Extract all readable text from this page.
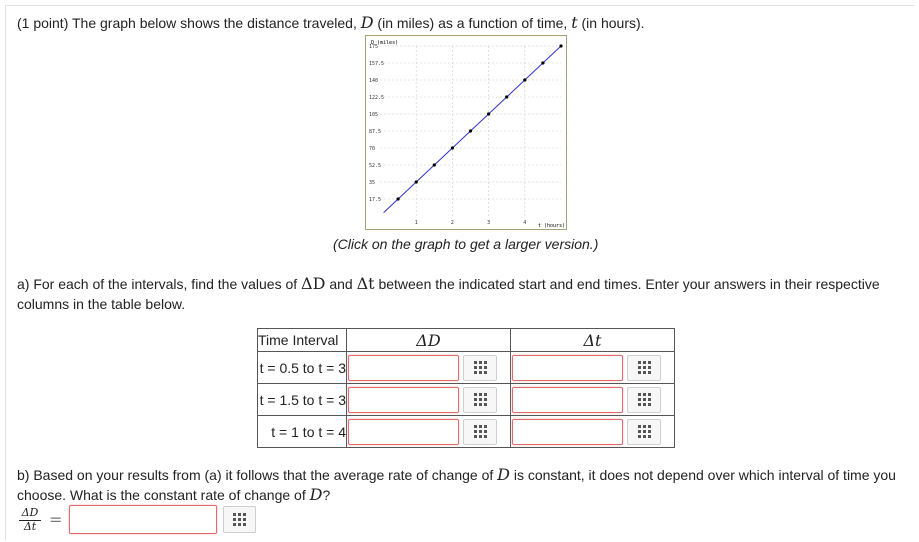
(1 point) The graph below shows the distance traveled, D (in miles) as a function of time, t (in hours).

175
157.5
140
122.5
105
87.5
70
52.5
35
17.5
1	2	3	4
D (miles)
t (hours)

(Click on the graph to get a larger version.)

a) For each of the intervals, find the values of ΔD and Δt between the indicated start and end times. Enter your answers in their respective columns in the table below.

Time Interval	ΔD	Δt
t = 0.5 to t = 3	

t = 1.5 to t = 3	

t = 1 to t = 4	

b) Based on your results from (a) it follows that the average rate of change of D is constant, it does not depend over which interval of time you choose. What is the constant rate of change of D?

$\frac{\Delta D}{\Delta t}$ =
